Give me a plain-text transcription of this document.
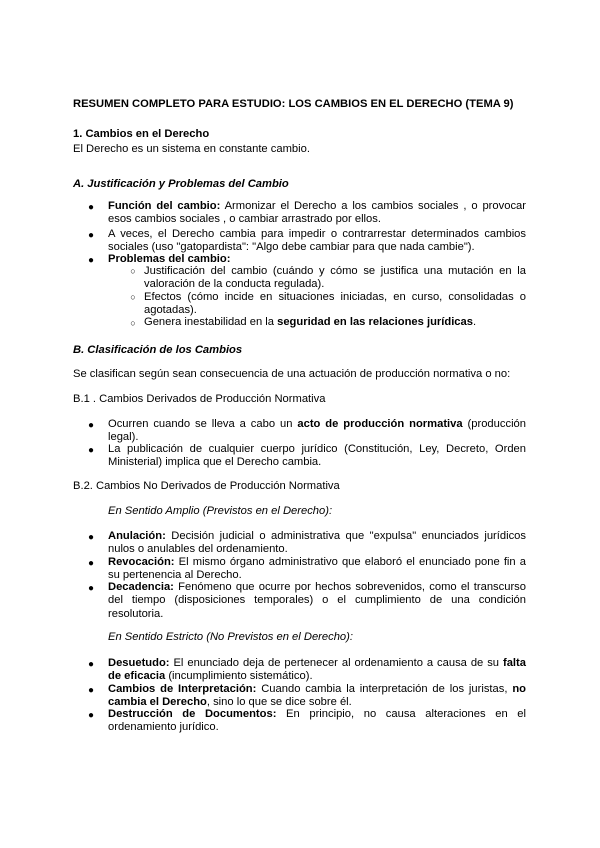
RESUMEN COMPLETO PARA ESTUDIO: LOS CAMBIOS EN EL DERECHO (TEMA 9)
1. Cambios en el Derecho
El Derecho es un sistema en constante cambio.
A. Justificación y Problemas del Cambio
● Función del cambio: Armonizar el Derecho a los cambios sociales , o provocar esos cambios sociales , o cambiar arrastrado por ellos.
● A veces, el Derecho cambia para impedir o contrarrestar determinados cambios sociales (uso "gatopardista": "Algo debe cambiar para que nada cambie").
● Problemas del cambio:
○ Justificación del cambio (cuándo y cómo se justifica una mutación en la valoración de la conducta regulada).
○ Efectos (cómo incide en situaciones iniciadas, en curso, consolidadas o agotadas).
○ Genera inestabilidad en la seguridad en las relaciones jurídicas.
B. Clasificación de los Cambios
Se clasifican según sean consecuencia de una actuación de producción normativa o no:
B.1 . Cambios Derivados de Producción Normativa
● Ocurren cuando se lleva a cabo un acto de producción normativa (producción legal).
● La publicación de cualquier cuerpo jurídico (Constitución, Ley, Decreto, Orden Ministerial) implica que el Derecho cambia.
B.2. Cambios No Derivados de Producción Normativa
En Sentido Amplio (Previstos en el Derecho):
● Anulación: Decisión judicial o administrativa que "expulsa" enunciados jurídicos nulos o anulables del ordenamiento.
● Revocación: El mismo órgano administrativo que elaboró el enunciado pone fin a su pertenencia al Derecho.
● Decadencia: Fenómeno que ocurre por hechos sobrevenidos, como el transcurso del tiempo (disposiciones temporales) o el cumplimiento de una condición resolutoria.
En Sentido Estricto (No Previstos en el Derecho):
● Desuetudo: El enunciado deja de pertenecer al ordenamiento a causa de su falta de eficacia (incumplimiento sistemático).
● Cambios de Interpretación: Cuando cambia la interpretación de los juristas, no cambia el Derecho, sino lo que se dice sobre él.
● Destrucción de Documentos: En principio, no causa alteraciones en el ordenamiento jurídico.
